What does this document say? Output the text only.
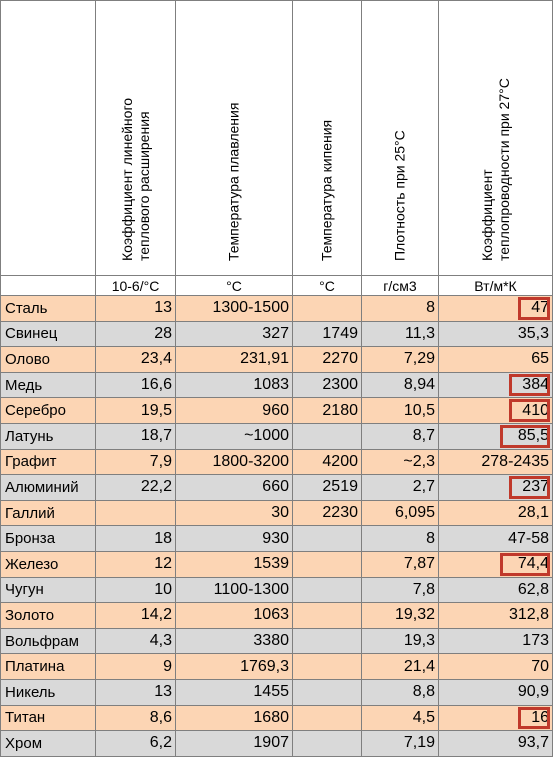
	Коэффициент линейного теплового расширения	Температура плавления	Температура кипения	Плотность при 25°С	Коэффициент теплопроводности при 27°С

	10-6/°С	°С	°С	г/см3	Вт/м*К
Сталь	13	1300-1500		8	47

Свинец	28	327	1749	11,3	35,3
Олово	23,4	231,91	2270	7,29	65
Медь	16,6	1083	2300	8,94	384

Серебро	19,5	960	2180	10,5	410

Латунь	18,7	~1000		8,7	85,5

Графит	7,9	1800-3200	4200	~2,3	278-2435
Алюминий	22,2	660	2519	2,7	237

Галлий		30	2230	6,095	28,1
Бронза	18	930		8	47-58
Железо	12	1539		7,87	74,4

Чугун	10	1100-1300		7,8	62,8
Золото	14,2	1063		19,32	312,8
Вольфрам	4,3	3380		19,3	173
Платина	9	1769,3		21,4	70
Никель	13	1455		8,8	90,9
Титан	8,6	1680		4,5	16

Хром	6,2	1907		7,19	93,7
